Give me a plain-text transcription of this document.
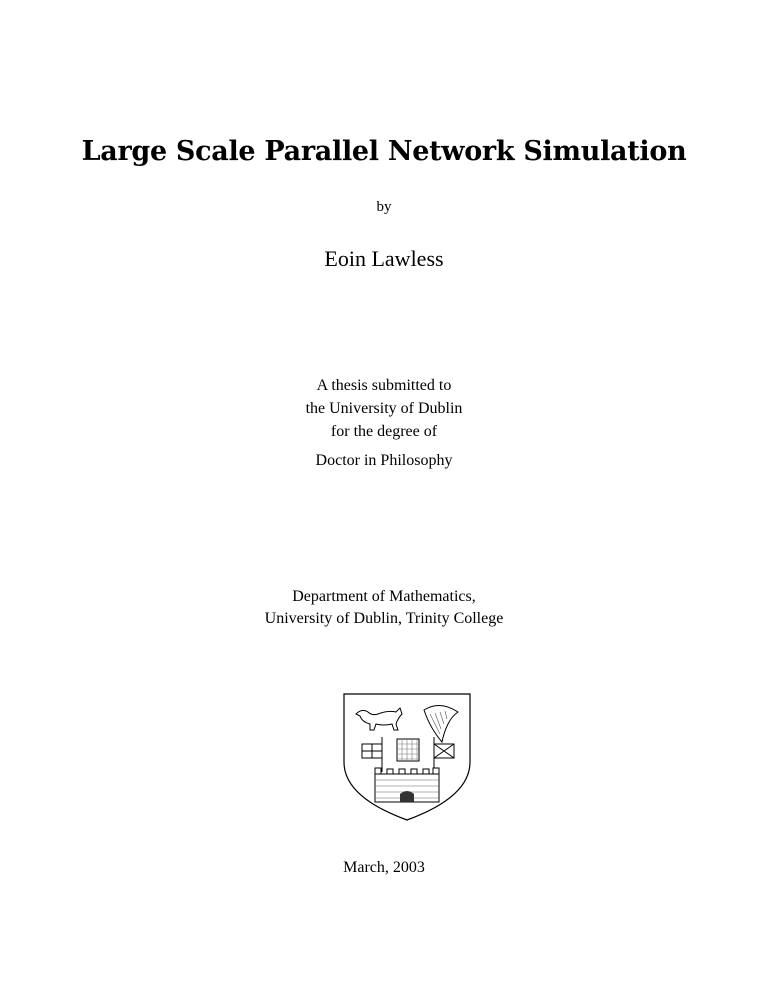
Large Scale Parallel Network Simulation
by
Eoin Lawless
A thesis submitted to
the University of Dublin
for the degree of
Doctor in Philosophy
Department of Mathematics,
University of Dublin, Trinity College
March, 2003
